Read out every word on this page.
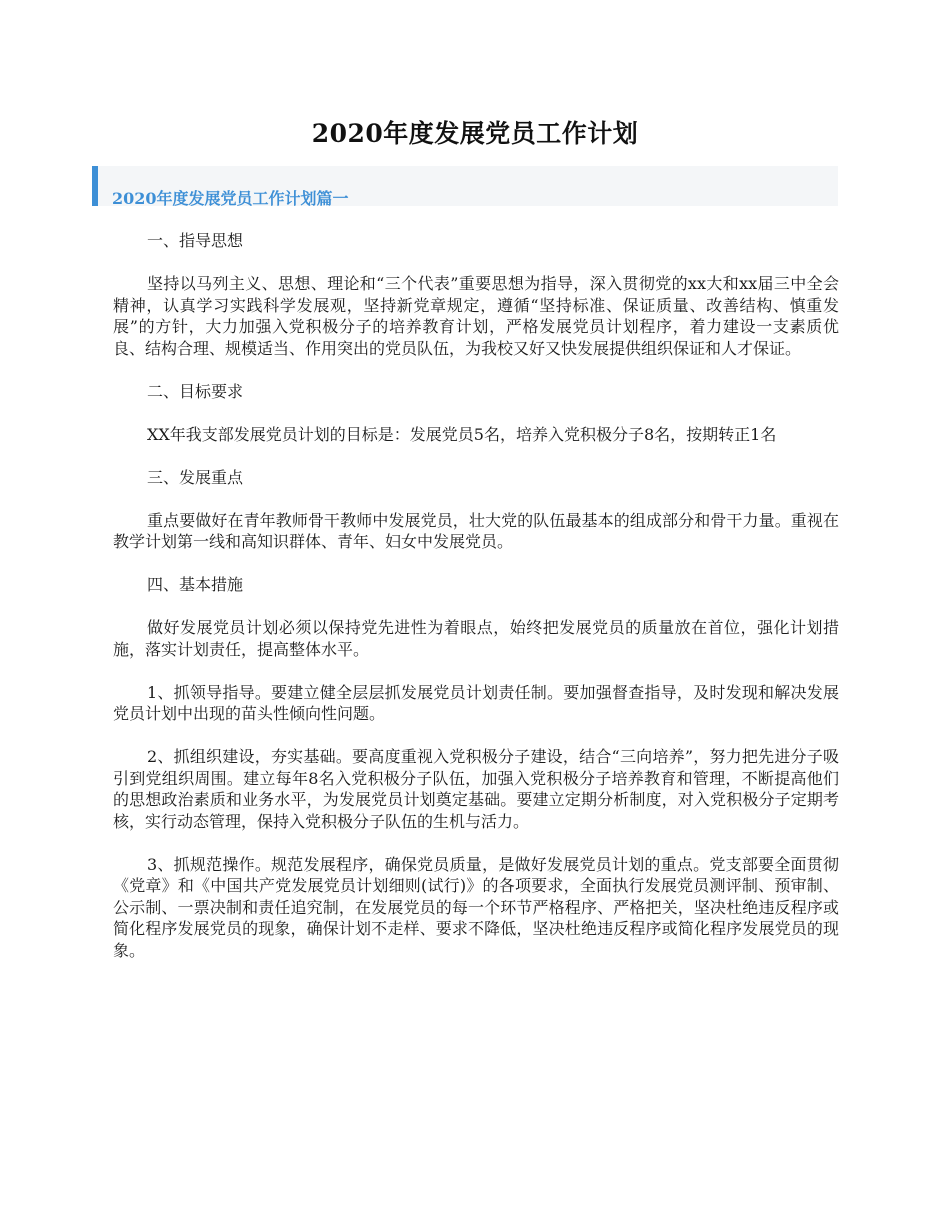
2020年度发展党员工作计划
2020年度发展党员工作计划篇一

一、指导思想

坚持以马列主义、思想、理论和“三个代表”重要思想为指导，深入贯彻党的xx大和xx届三中全会精神，认真学习实践科学发展观，坚持新党章规定，遵循“坚持标准、保证质量、改善结构、慎重发展”的方针，大力加强入党积极分子的培养教育计划，严格发展党员计划程序，着力建设一支素质优良、结构合理、规模适当、作用突出的党员队伍，为我校又好又快发展提供组织保证和人才保证。

二、目标要求

XX年我支部发展党员计划的目标是：发展党员5名，培养入党积极分子8名，按期转正1名

三、发展重点

重点要做好在青年教师骨干教师中发展党员，壮大党的队伍最基本的组成部分和骨干力量。重视在教学计划第一线和高知识群体、青年、妇女中发展党员。

四、基本措施

做好发展党员计划必须以保持党先进性为着眼点，始终把发展党员的质量放在首位，强化计划措施，落实计划责任，提高整体水平。

1、抓领导指导。要建立健全层层抓发展党员计划责任制。要加强督查指导，及时发现和解决发展党员计划中出现的苗头性倾向性问题。

2、抓组织建设，夯实基础。要高度重视入党积极分子建设，结合“三向培养”，努力把先进分子吸引到党组织周围。建立每年8名入党积极分子队伍，加强入党积极分子培养教育和管理，不断提高他们的思想政治素质和业务水平，为发展党员计划奠定基础。要建立定期分析制度，对入党积极分子定期考核，实行动态管理，保持入党积极分子队伍的生机与活力。

3、抓规范操作。规范发展程序，确保党员质量，是做好发展党员计划的重点。党支部要全面贯彻《党章》和《中国共产党发展党员计划细则(试行)》的各项要求，全面执行发展党员测评制、预审制、公示制、一票决制和责任追究制，在发展党员的每一个环节严格程序、严格把关，坚决杜绝违反程序或简化程序发展党员的现象，确保计划不走样、要求不降低，坚决杜绝违反程序或简化程序发展党员的现象。
